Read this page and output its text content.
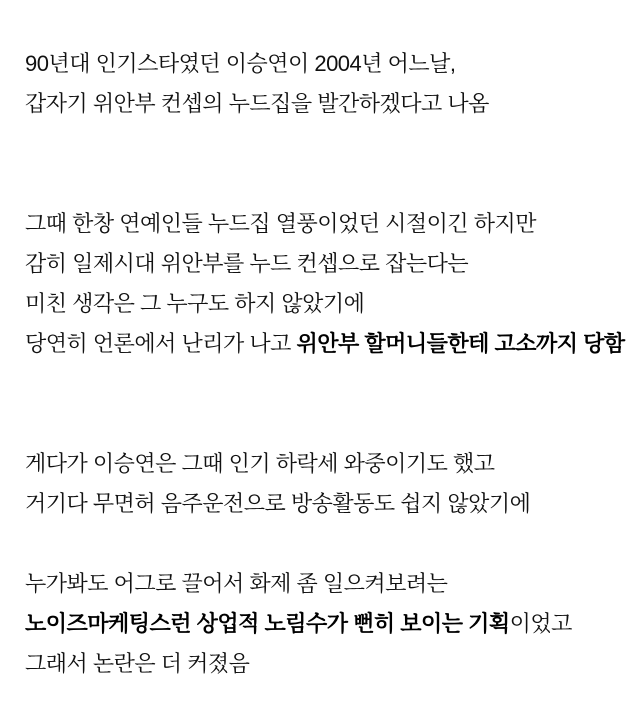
90년대 인기스타였던 이승연이 2004년 어느날,
갑자기 위안부 컨셉의 누드집을 발간하겠다고 나옴
그때 한창 연예인들 누드집 열풍이었던 시절이긴 하지만
감히 일제시대 위안부를 누드 컨셉으로 잡는다는
미친 생각은 그 누구도 하지 않았기에
당연히 언론에서 난리가 나고 위안부 할머니들한테 고소까지 당함
게다가 이승연은 그때 인기 하락세 와중이기도 했고
거기다 무면허 음주운전으로 방송활동도 쉽지 않았기에
누가봐도 어그로 끌어서 화제 좀 일으켜보려는
노이즈마케팅스런 상업적 노림수가 뻔히 보이는 기획이었고
그래서 논란은 더 커졌음
